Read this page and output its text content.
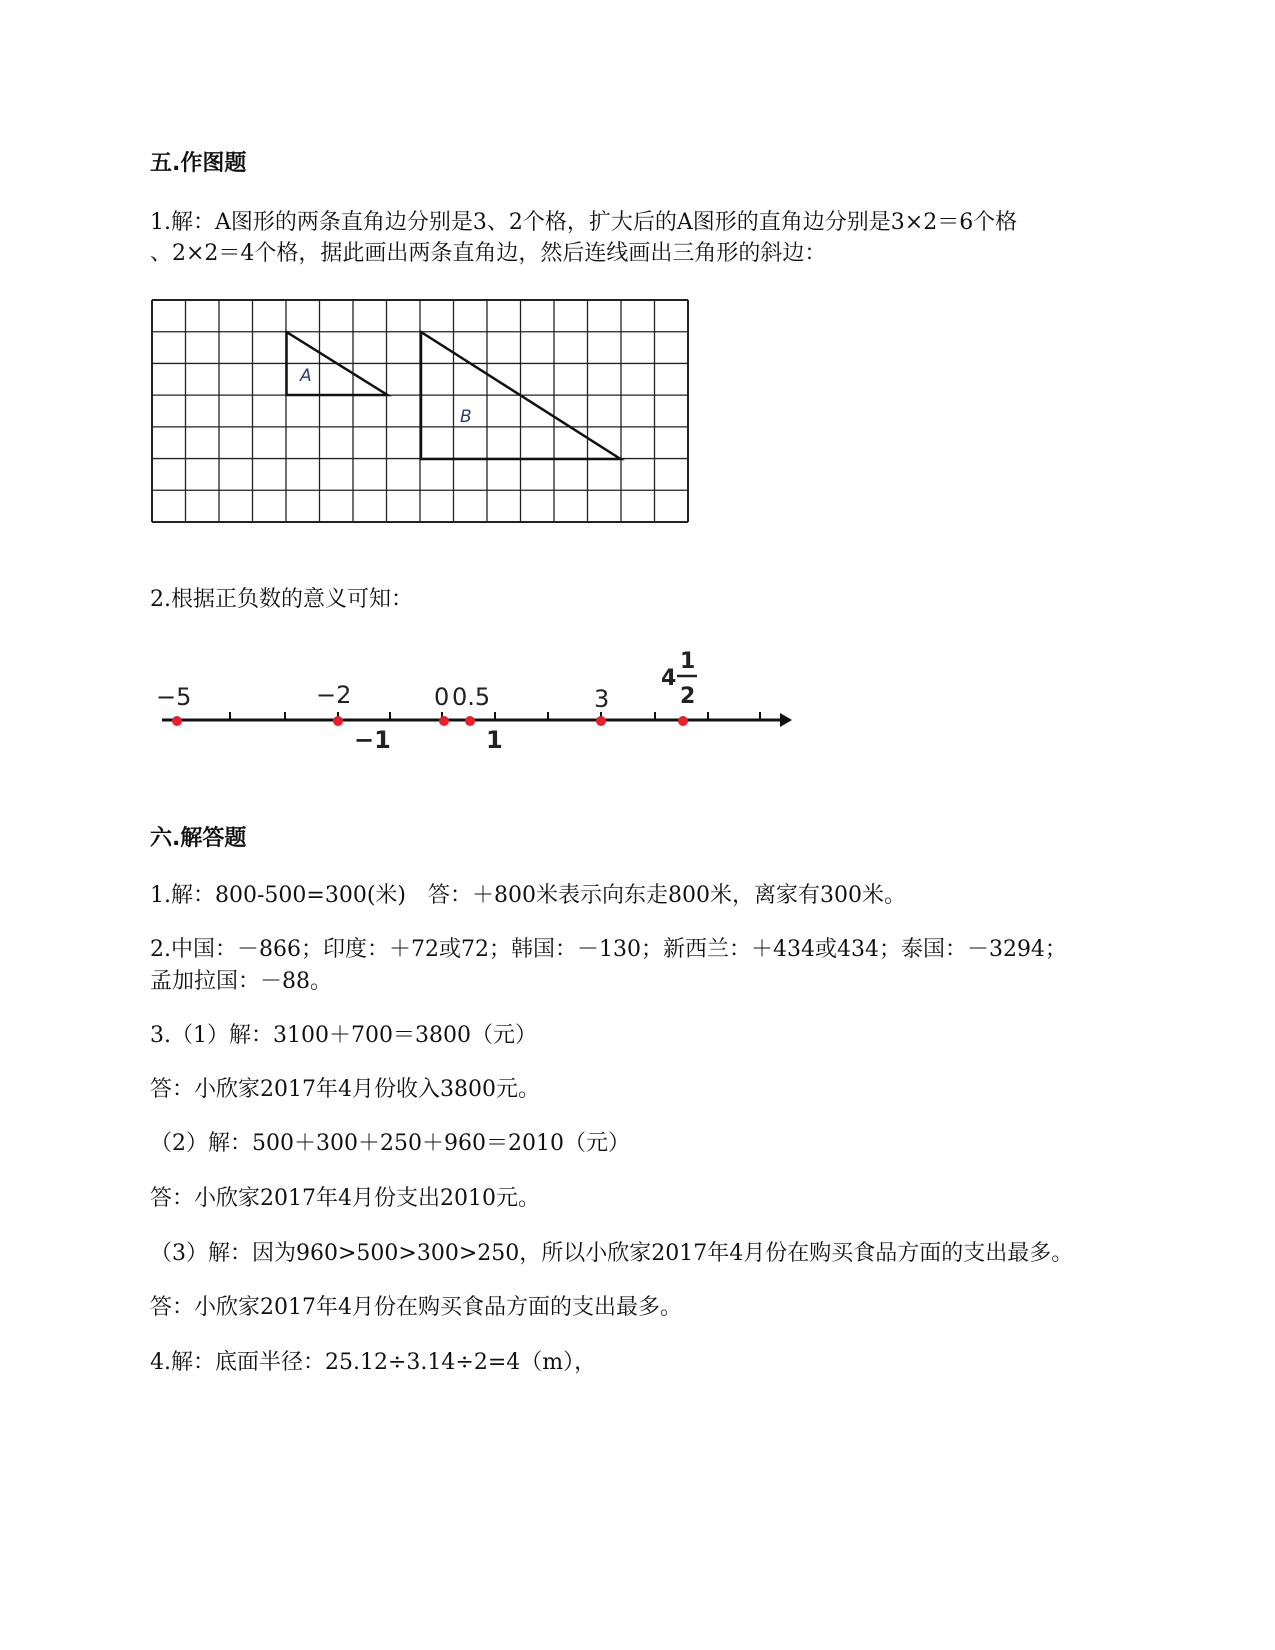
五.作图题
1.解：A图形的两条直角边分别是3、2个格，扩大后的A图形的直角边分别是3×2＝6个格
、2×2＝4个格，据此画出两条直角边，然后连线画出三角形的斜边：
A
B
2.根据正负数的意义可知：
−5	−2	0 0.5	3
4
1
2
−1	1
六.解答题
1.解：800-500=300(米)　答：＋800米表示向东走800米，离家有300米。
2.中国：－866；印度：＋72或72；韩国：－130；新西兰：＋434或434；泰国：－3294；
孟加拉国：－88。
3.（1）解：3100＋700＝3800（元）
答：小欣家2017年4月份收入3800元。
（2）解：500＋300＋250＋960＝2010（元）
答：小欣家2017年4月份支出2010元。
（3）解：因为960>500>300>250，所以小欣家2017年4月份在购买食品方面的支出最多。
答：小欣家2017年4月份在购买食品方面的支出最多。
4.解：底面半径：25.12÷3.14÷2=4（m），
